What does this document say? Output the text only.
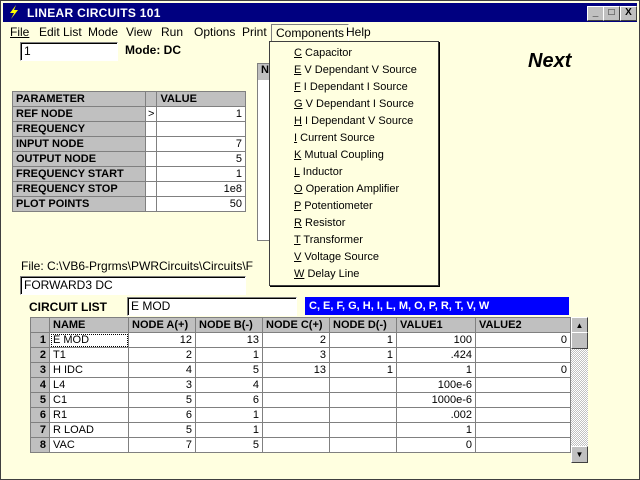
LINEAR CIRCUITS 101	_	□	X
File Edit List Mode View Run Options Print Components Help
1	Mode: DC	Next
N
PARAMETER		VALUE
REF NODE	>	1
FREQUENCY		
INPUT NODE		7
OUTPUT NODE		5
FREQUENCY START		1
FREQUENCY STOP		1e8
PLOT POINTS		50
File: C:\VB6-Prgrms\PWRCircuits\Circuits\F
FORWARD3 DC
CIRCUIT LIST E MOD	C, E, F, G, H, I, L, M, O, P, R, T, V, W
	NAME	NODE A(+)	NODE B(-)	NODE C(+)	NODE D(-)	VALUE1	VALUE2
1	E MOD	12	13	2	1	100	0
2	T1	2	1	3	1	.424	
3	H IDC	4	5	13	1	1	0
4	L4	3	4			100e-6	
5	C1	5	6			1000e-6	
6	R1	6	1			.002	
7	R LOAD	5	1			1	
8	VAC	7	5			0	
▲
▼
C Capacitor
E V Dependant V Source
F I Dependant I Source
G V Dependant I Source
H I Dependant V Source
I Current Source
K Mutual Coupling
L Inductor
O Operation Amplifier
P Potentiometer
R Resistor
T Transformer
V Voltage Source
W Delay Line
